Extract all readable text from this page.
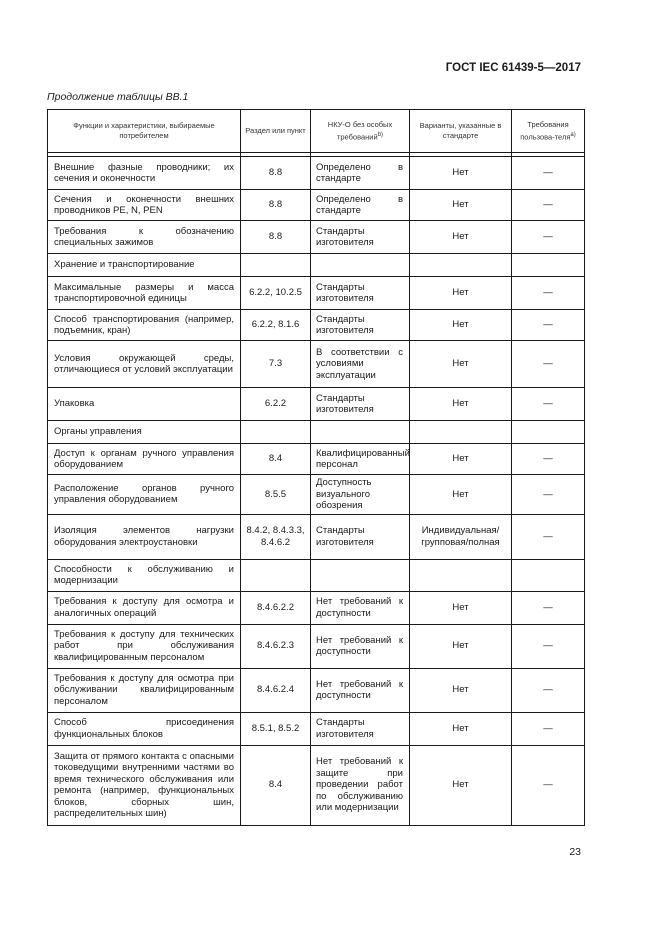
ГОСТ IEC 61439-5—2017
Продолжение таблицы ВВ.1
Функции и характеристики, выбираемые потребителем	Раздел или пункт	НКУ-О без особых требований$^{b)}$	Варианты, указанные в стандарте	Требования пользова-теля$^{a)}$

Внешние фазные проводники; их сечения и оконечности	8.8	Определено в стандарте	Нет	—
Сечения и оконечности внешних проводников PE, N, PEN	8.8	Определено в стандарте	Нет	—
Требования к обозначению специальных зажимов	8.8	Стандарты изготовителя	Нет	—
Хранение и транспортирование				
Максимальные размеры и масса транспортировочной единицы	6.2.2, 10.2.5	Стандарты изготовителя	Нет	—
Способ транспортирования (например, подъемник, кран)	6.2.2, 8.1.6	Стандарты изготовителя	Нет	—
Условия окружающей среды, отличающиеся от условий эксплуатации	7.3	В соответствии с условиями эксплуатации	Нет	—
Упаковка	6.2.2	Стандарты изготовителя	Нет	—
Органы управления				
Доступ к органам ручного управления оборудованием	8.4	Квалифицированный персонал	Нет	—
Расположение органов ручного управления оборудованием	8.5.5	Доступность визуального обозрения	Нет	—
Изоляция элементов нагрузки оборудования электроустановки	8.4.2, 8.4.3.3, 8.4.6.2	Стандарты изготовителя	Индивидуальная/ групповая/полная	—
Способности к обслуживанию и модернизации				
Требования к доступу для осмотра и аналогичных операций	8.4.6.2.2	Нет требований к доступности	Нет	—
Требования к доступу для технических работ при обслуживания квалифицированным персоналом	8.4.6.2.3	Нет требований к доступности	Нет	—
Требования к доступу для осмотра при обслуживании квалифицированным персоналом	8.4.6.2.4	Нет требований к доступности	Нет	—
Способ присоединения функциональных блоков	8.5.1, 8.5.2	Стандарты изготовителя	Нет	—
Защита от прямого контакта с опасными токоведущими внутренними частями во время технического обслуживания или ремонта (например, функциональных блоков, сборных шин, распределительных шин)	8.4	Нет требований к защите при проведении работ по обслуживанию или модернизации	Нет	—
23
